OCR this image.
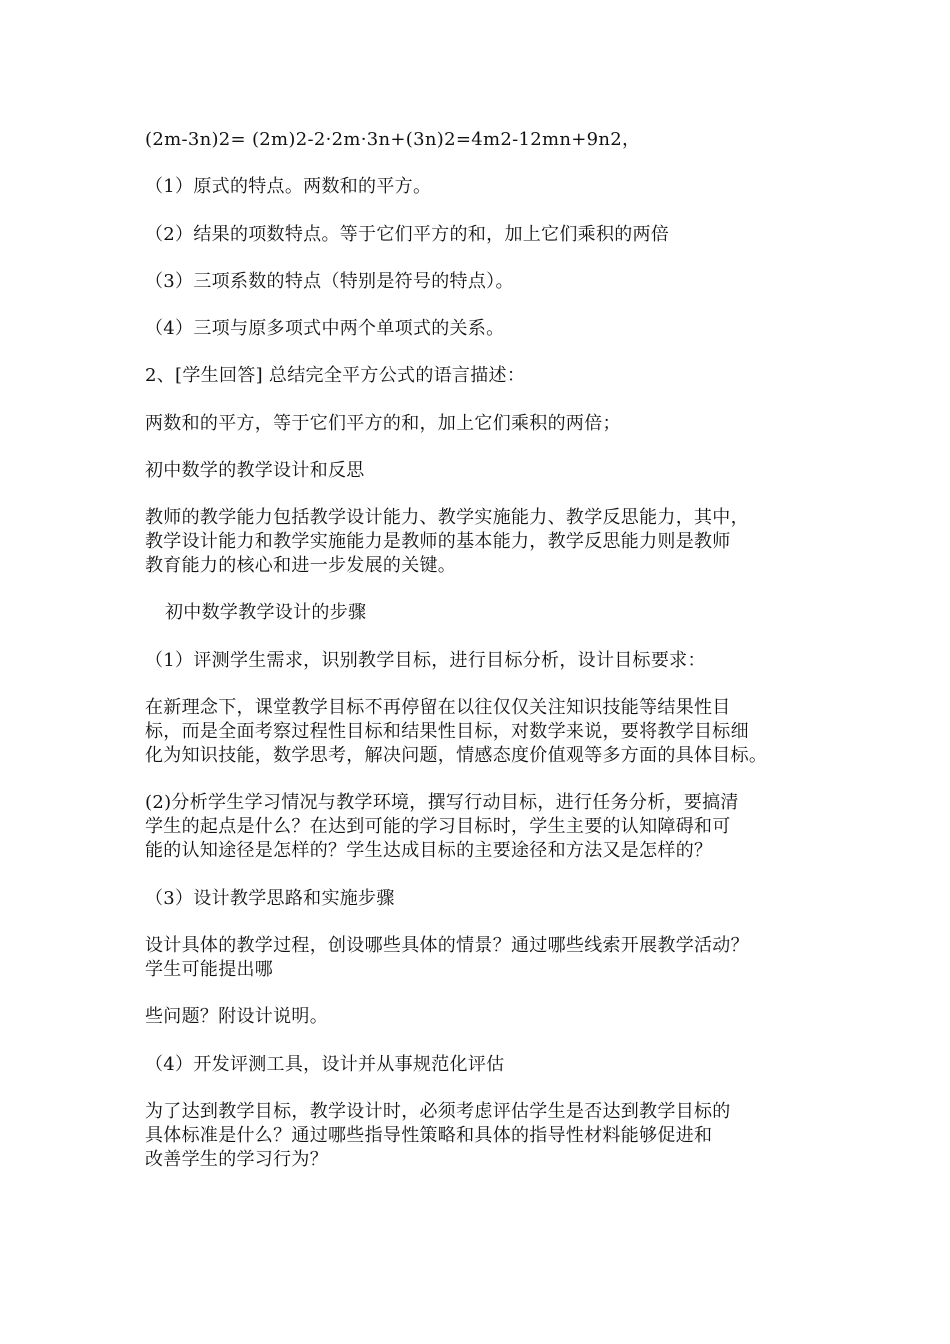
(2m-3n)2= (2m)2-2·2m·3n+(3n)2=4m2-12mn+9n2，
（1）原式的特点。两数和的平方。
（2）结果的项数特点。等于它们平方的和，加上它们乘积的两倍
（3）三项系数的特点（特别是符号的特点）。
（4）三项与原多项式中两个单项式的关系。
2、[学生回答] 总结完全平方公式的语言描述：
两数和的平方，等于它们平方的和，加上它们乘积的两倍；
初中数学的教学设计和反思
教师的教学能力包括教学设计能力、教学实施能力、教学反思能力，其中，
教学设计能力和教学实施能力是教师的基本能力，教学反思能力则是教师
教育能力的核心和进一步发展的关键。
初中数学教学设计的步骤
（1）评测学生需求，识别教学目标，进行目标分析，设计目标要求：
在新理念下，课堂教学目标不再停留在以往仅仅关注知识技能等结果性目
标，而是全面考察过程性目标和结果性目标，对数学来说，要将教学目标细
化为知识技能，数学思考，解决问题，情感态度价值观等多方面的具体目标。
(2)分析学生学习情况与教学环境，撰写行动目标，进行任务分析，要搞清
学生的起点是什么？在达到可能的学习目标时，学生主要的认知障碍和可
能的认知途径是怎样的？学生达成目标的主要途径和方法又是怎样的？
（3）设计教学思路和实施步骤
设计具体的教学过程，创设哪些具体的情景？通过哪些线索开展教学活动？
学生可能提出哪
些问题？附设计说明。
（4）开发评测工具，设计并从事规范化评估
为了达到教学目标，教学设计时，必须考虑评估学生是否达到教学目标的
具体标准是什么？通过哪些指导性策略和具体的指导性材料能够促进和
改善学生的学习行为？
